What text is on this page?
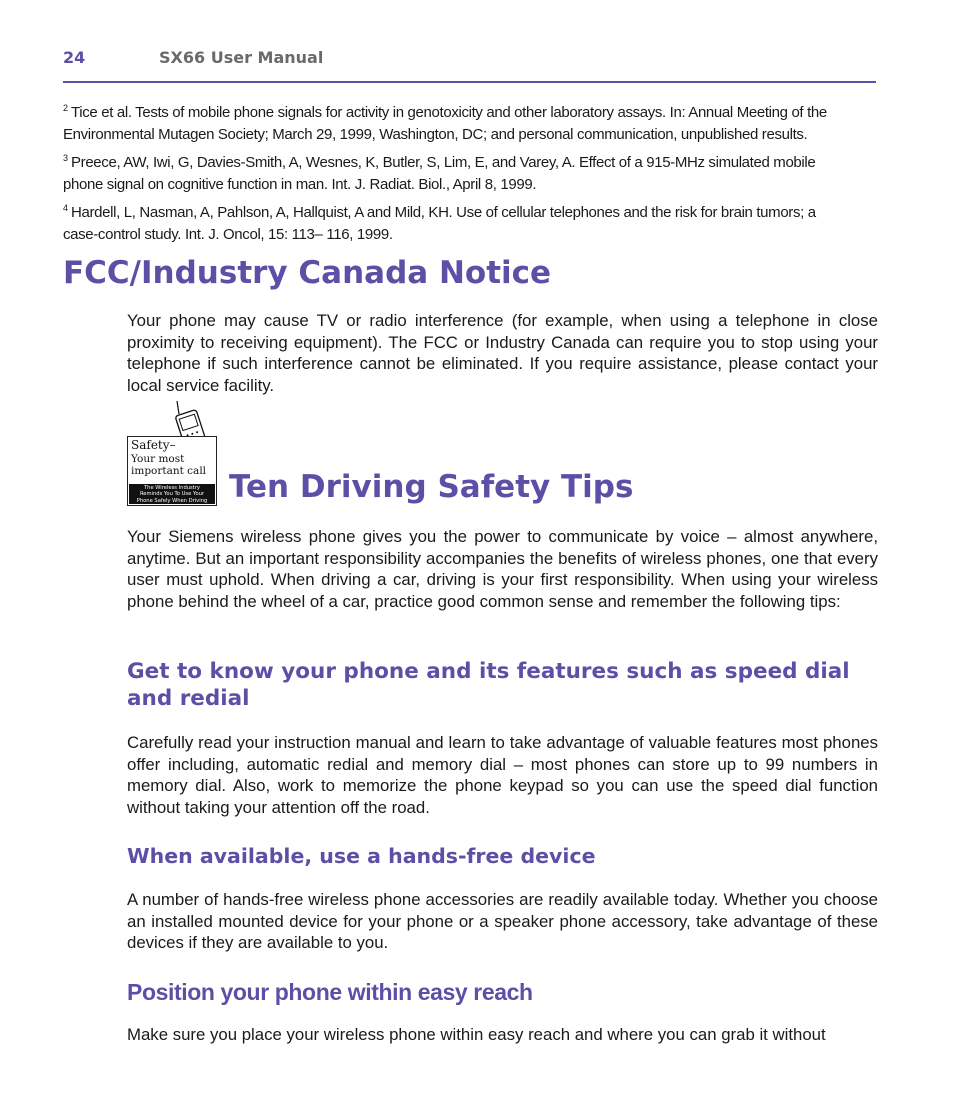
24	SX66 User Manual
$^2$ Tice et al. Tests of mobile phone signals for activity in genotoxicity and other laboratory assays. In: Annual Meeting of the
Environmental Mutagen Society; March 29, 1999, Washington, DC; and personal communication, unpublished results.
$^3$ Preece, AW, Iwi, G, Davies-Smith, A, Wesnes, K, Butler, S, Lim, E, and Varey, A. Effect of a 915-MHz simulated mobile
phone signal on cognitive function in man. Int. J. Radiat. Biol., April 8, 1999.
$^4$ Hardell, L, Nasman, A, Pahlson, A, Hallquist, A and Mild, KH. Use of cellular telephones and the risk for brain tumors; a
case-control study. Int. J. Oncol, 15: 113– 116, 1999.
FCC/Industry Canada Notice
Your phone may cause TV or radio interference (for example, when using a telephone in close proximity to receiving equipment). The FCC or Industry Canada can require you to stop using your telephone if such interference cannot be eliminated. If you require assistance, please contact your local service facility.
Safety–
Your most
important call
The Wireless Industry
Reminds You To Use Your
Phone Safely When Driving Ten Driving Safety Tips
Your Siemens wireless phone gives you the power to communicate by voice – almost anywhere, anytime. But an important responsibility accompanies the benefits of wireless phones, one that every user must uphold. When driving a car, driving is your first responsibility. When using your wireless phone behind the wheel of a car, practice good common sense and remember the following tips:
Get to know your phone and its features such as speed dial and redial
Carefully read your instruction manual and learn to take advantage of valuable features most phones offer including, automatic redial and memory dial – most phones can store up to 99 numbers in memory dial. Also, work to memorize the phone keypad so you can use the speed dial function without taking your attention off the road.
When available, use a hands-free device
A number of hands-free wireless phone accessories are readily available today. Whether you choose an installed mounted device for your phone or a speaker phone accessory, take advantage of these devices if they are available to you.
Position your phone within easy reach
Make sure you place your wireless phone within easy reach and where you can grab it without
